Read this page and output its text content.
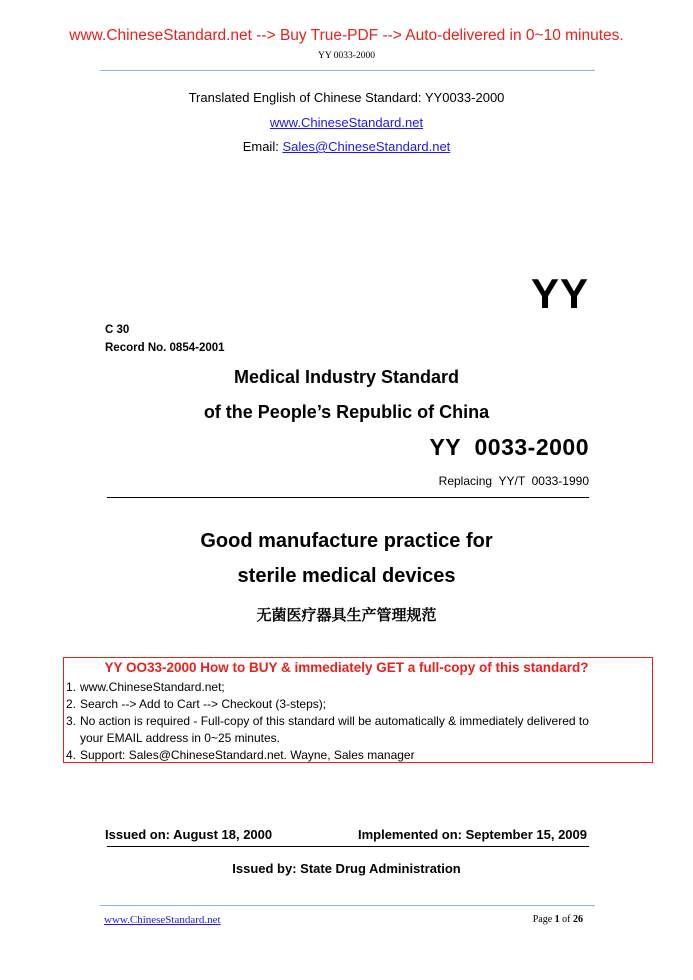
www.ChineseStandard.net --> Buy True-PDF --> Auto-delivered in 0~10 minutes.
YY 0033-2000
Translated English of Chinese Standard: YY0033-2000
www.ChineseStandard.net
Email: Sales@ChineseStandard.net
YY
C 30
Record No. 0854-2001
Medical Industry Standard
of the People’s Republic of China
YY  0033-2000
Replacing  YY/T  0033-1990
Good manufacture practice for
sterile medical devices
无菌医疗器具生产管理规范
YY OO33-2000 How to BUY & immediately GET a full-copy of this standard?
1. www.ChineseStandard.net;
2. Search --> Add to Cart --> Checkout (3-steps);
3. No action is required - Full-copy of this standard will be automatically & immediately delivered to
your EMAIL address in 0~25 minutes.
4. Support: Sales@ChineseStandard.net. Wayne, Sales manager
Issued on: August 18, 2000	Implemented on: September 15, 2009
Issued by: State Drug Administration
www.ChineseStandard.net	Page 1 of 26
